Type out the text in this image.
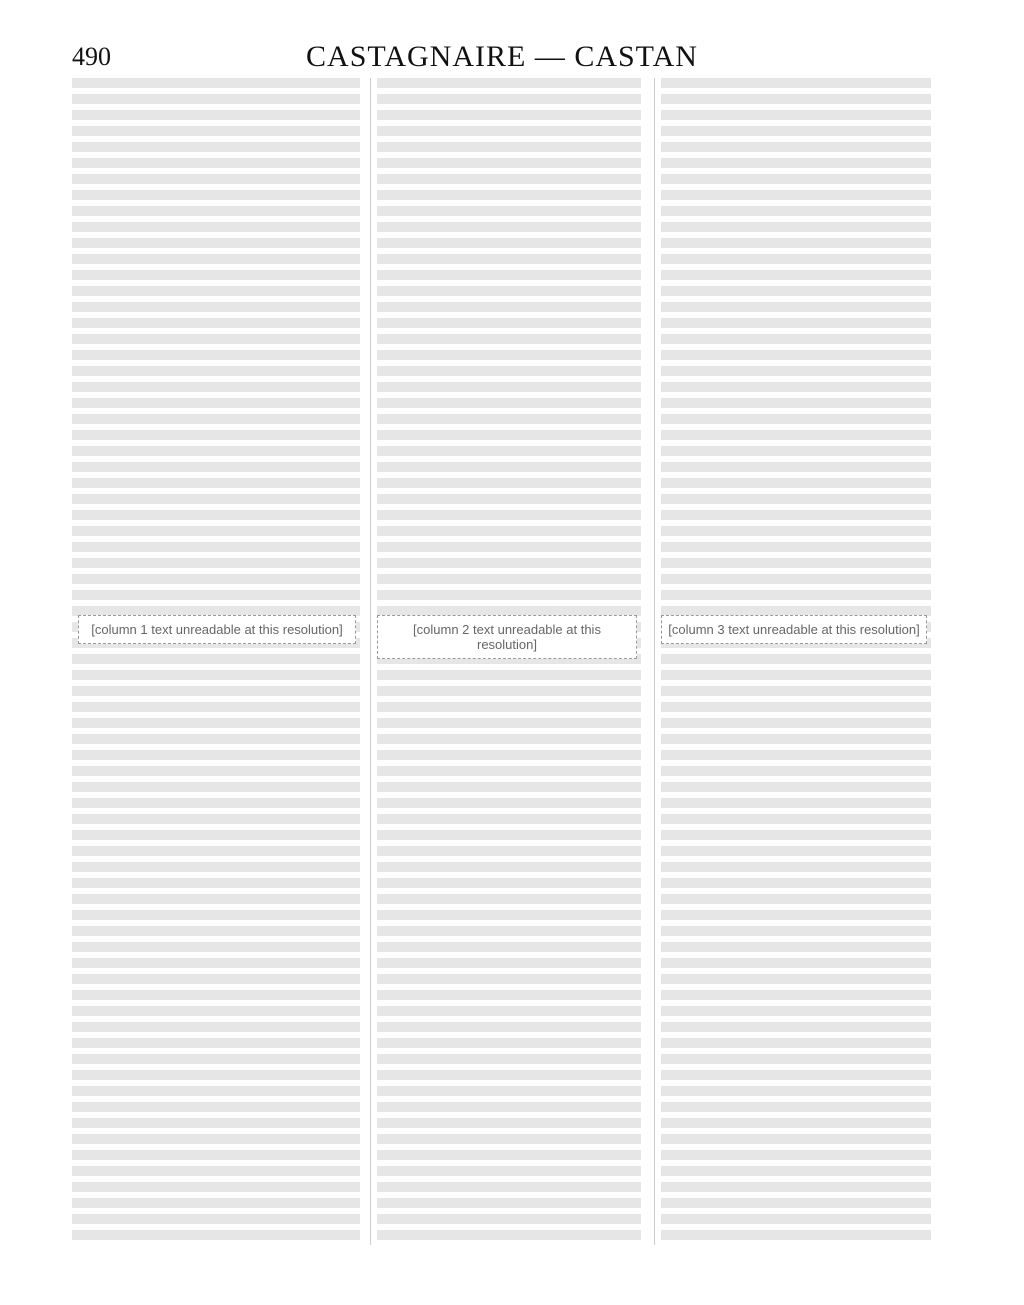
490	CASTAGNAIRE — CASTAN
[column 1 text unreadable at this resolution]	[column 2 text unreadable at this resolution]
[column 3 text unreadable at this resolution]
